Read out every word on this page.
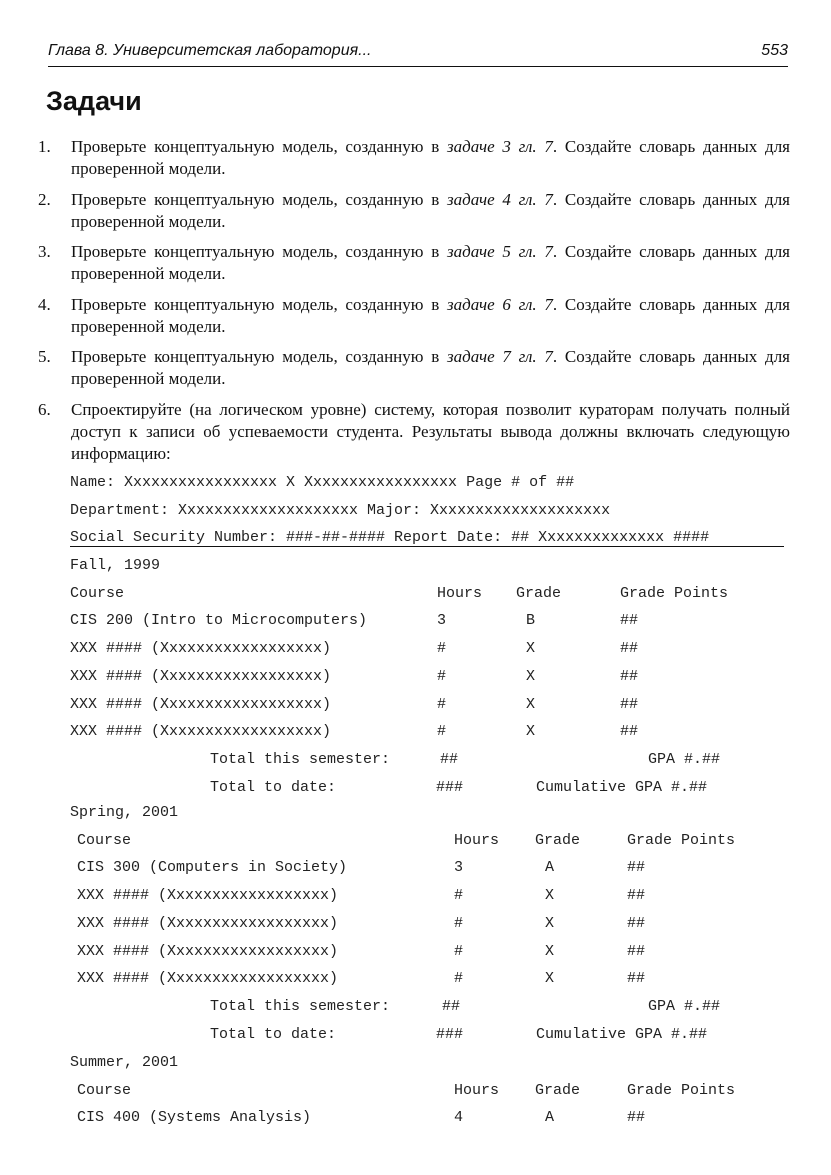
Глава 8. Университетская лаборатория...	553
Задачи
1. Проверьте концептуальную модель, созданную в задаче 3 гл. 7. Создайте словарь данных для проверенной модели.
2. Проверьте концептуальную модель, созданную в задаче 4 гл. 7. Создайте словарь данных для проверенной модели.
3. Проверьте концептуальную модель, созданную в задаче 5 гл. 7. Создайте словарь данных для проверенной модели.
4. Проверьте концептуальную модель, созданную в задаче 6 гл. 7. Создайте словарь данных для проверенной модели.
5. Проверьте концептуальную модель, созданную в задаче 7 гл. 7. Создайте словарь данных для проверенной модели.
6. Спроектируйте (на логическом уровне) систему, которая позволит кураторам получать полный доступ к записи об успеваемости студента. Результаты вывода должны включать следующую информацию:
Name: Xxxxxxxxxxxxxxxxx X Xxxxxxxxxxxxxxxxx Page # of ##
Department: Xxxxxxxxxxxxxxxxxxxx Major: Xxxxxxxxxxxxxxxxxxxx
Social Security Number: ###-##-#### Report Date: ## Xxxxxxxxxxxxxx ####
Fall, 1999
Course	Hours Grade	Grade Points
CIS 200 (Intro to Microcomputers)	3	B	##
XXX #### (Xxxxxxxxxxxxxxxxxx)	#	X	##
XXX #### (Xxxxxxxxxxxxxxxxxx)	#	X	##
XXX #### (Xxxxxxxxxxxxxxxxxx)	#	X	##
XXX #### (Xxxxxxxxxxxxxxxxxx)	#	X	##
Total this semester:	##	GPA #.##
Total to date:	###	Cumulative GPA #.##
Spring, 2001
Course	Hours Grade	Grade Points
CIS 300 (Computers in Society)	3	A	##
XXX #### (Xxxxxxxxxxxxxxxxxx)	#	X	##
XXX #### (Xxxxxxxxxxxxxxxxxx)	#	X	##
XXX #### (Xxxxxxxxxxxxxxxxxx)	#	X	##
XXX #### (Xxxxxxxxxxxxxxxxxx)	#	X	##
Total this semester:	##	GPA #.##
Total to date:	###	Cumulative GPA #.##
Summer, 2001
Course	Hours Grade	Grade Points
CIS 400 (Systems Analysis)	4	A	##
